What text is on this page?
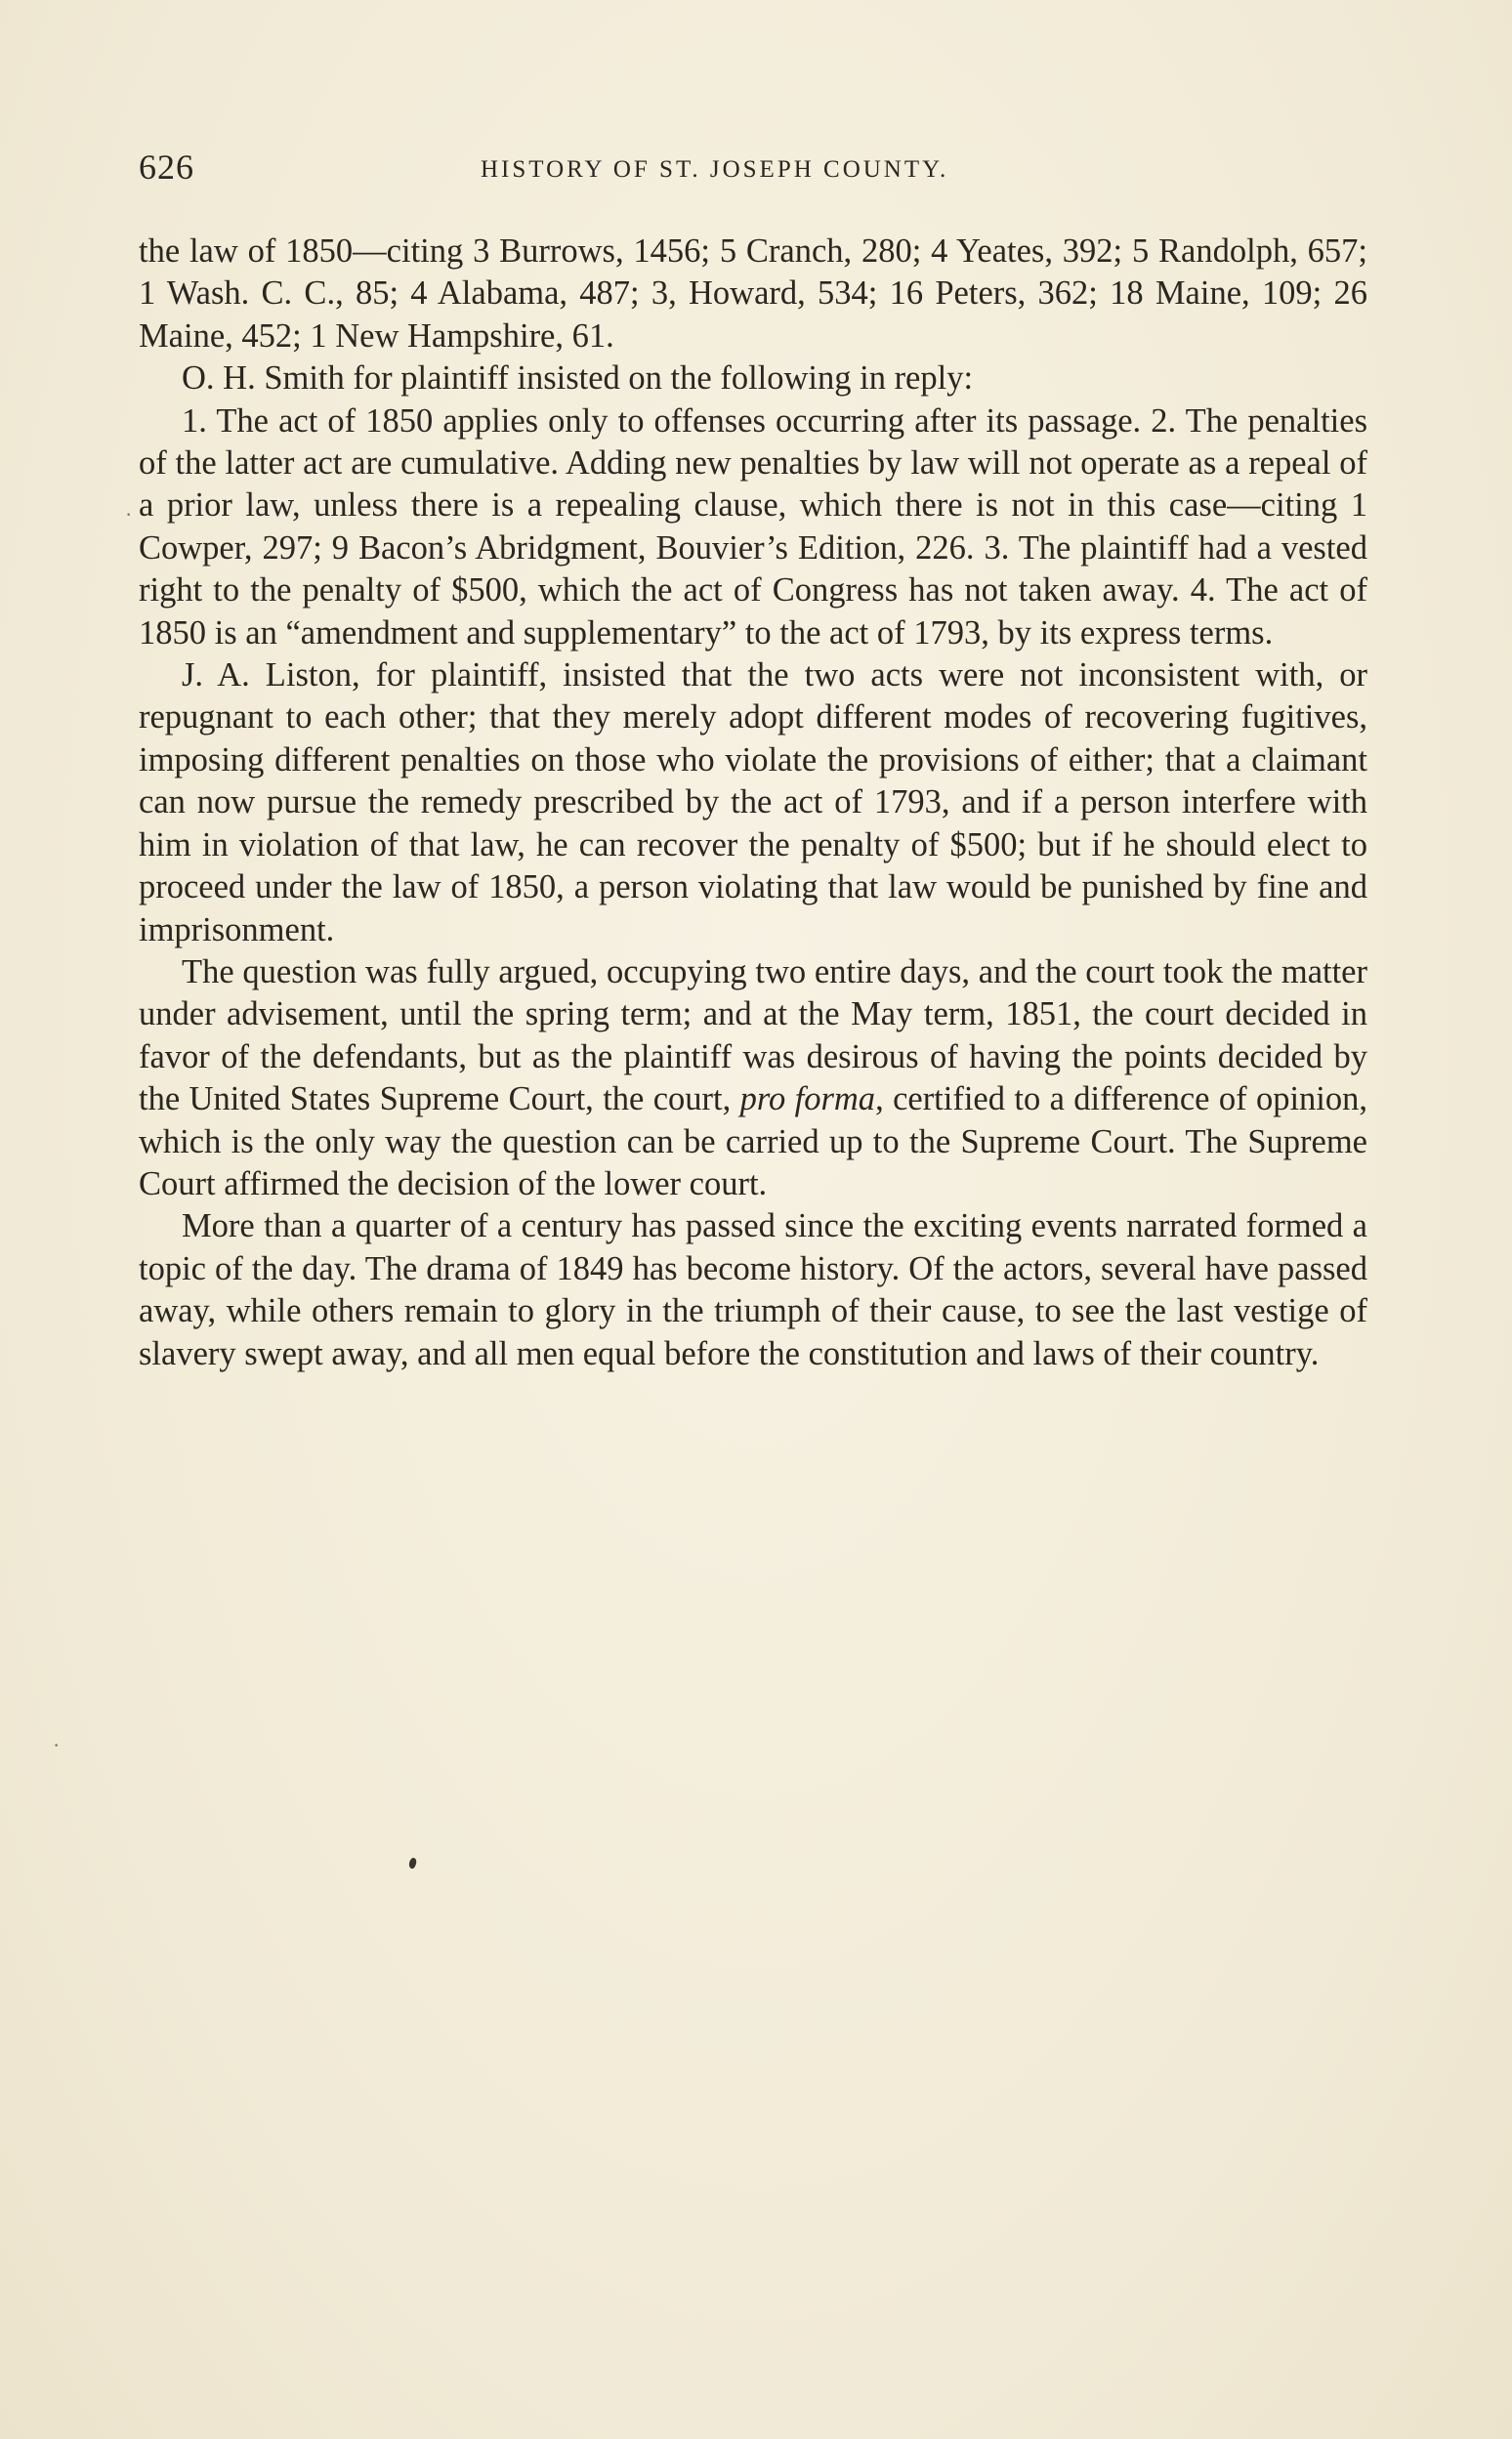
626	HISTORY OF ST. JOSEPH COUNTY.
·
·

the law of 1850—citing 3 Burrows, 1456; 5 Cranch, 280; 4 Yeates, 392; 5 Randolph, 657; 1 Wash. C. C., 85; 4 Alabama, 487; 3, Howard, 534; 16 Peters, 362; 18 Maine, 109; 26 Maine, 452; 1 New Hampshire, 61.

O. H. Smith for plaintiff insisted on the following in reply:

1. The act of 1850 applies only to offenses occurring after its passage. 2. The penalties of the latter act are cumulative. Adding new penalties by law will not operate as a repeal of a prior law, unless there is a repealing clause, which there is not in this case—citing 1 Cowper, 297; 9 Bacon’s Abridgment, Bouvier’s Edition, 226. 3. The plaintiff had a vested right to the penalty of $500, which the act of Congress has not taken away. 4. The act of 1850 is an “amendment and supplementary” to the act of 1793, by its express terms.

J. A. Liston, for plaintiff, insisted that the two acts were not inconsistent with, or repugnant to each other; that they merely adopt different modes of recovering fugitives, imposing different penalties on those who violate the provisions of either; that a claimant can now pursue the remedy prescribed by the act of 1793, and if a person interfere with him in violation of that law, he can recover the penalty of $500; but if he should elect to proceed under the law of 1850, a person violating that law would be punished by fine and imprisonment.

The question was fully argued, occupying two entire days, and the court took the matter under advisement, until the spring term; and at the May term, 1851, the court decided in favor of the defendants, but as the plaintiff was desirous of having the points decided by the United States Supreme Court, the court, pro forma, certified to a difference of opinion, which is the only way the question can be carried up to the Supreme Court. The Supreme Court affirmed the decision of the lower court.

More than a quarter of a century has passed since the exciting events narrated formed a topic of the day. The drama of 1849 has become history. Of the actors, several have passed away, while others remain to glory in the triumph of their cause, to see the last vestige of slavery swept away, and all men equal before the constitution and laws of their country.
